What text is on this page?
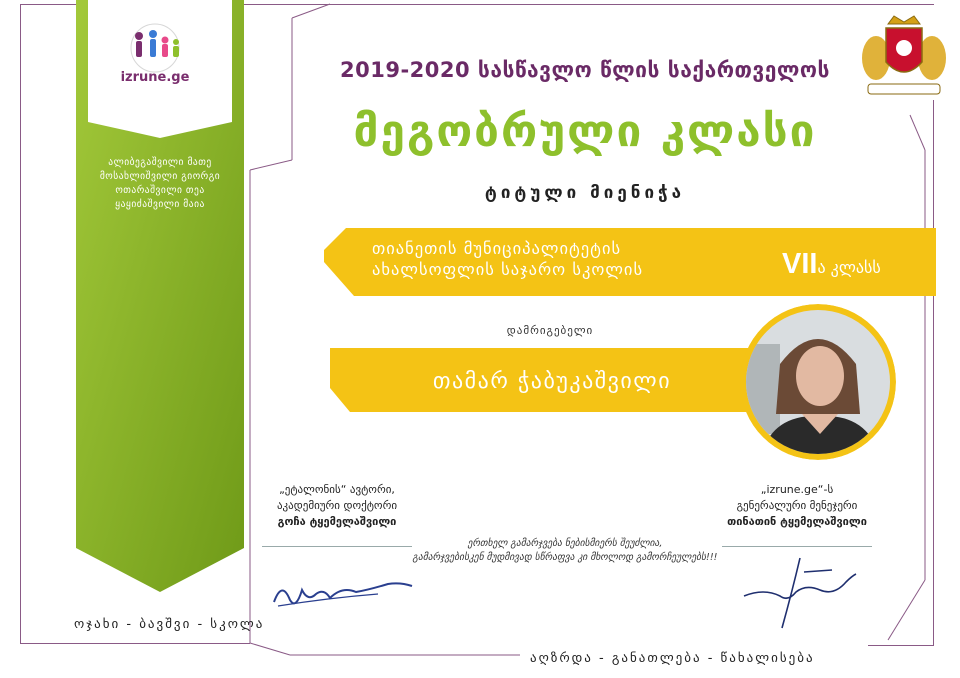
izrune.ge
ალიბეგაშვილი მათე
მოსახლიშვილი გიორგი
ოთარაშვილი თეა
ყაყიძაშვილი მაია
2019-2020 სასწავლო წლის საქართველოს
მეგობრული კლასი
ტიტული მიენიჭა
თიანეთის მუნიციპალიტეტის
ახალსოფლის საჯარო სკოლის	VIIა კლასს
დამრიგებელი
თამარ ჭაბუკაშვილი
„ეტალონის“ ავტორი,
აკადემიური დოქტორი
გოჩა ტყემელაშვილი
„izrune.ge“-ს
გენერალური მენეჯერი
თინათინ ტყემელაშვილი
ერთხელ გამარჯვება ნებისმიერს შეუძლია,
გამარჯვებისკენ მუდმივად სწრაფვა კი მხოლოდ გამორჩეულებს!!!
ოჯახი - ბავშვი - სკოლა
აღზრდა - განათლება - წახალისება
